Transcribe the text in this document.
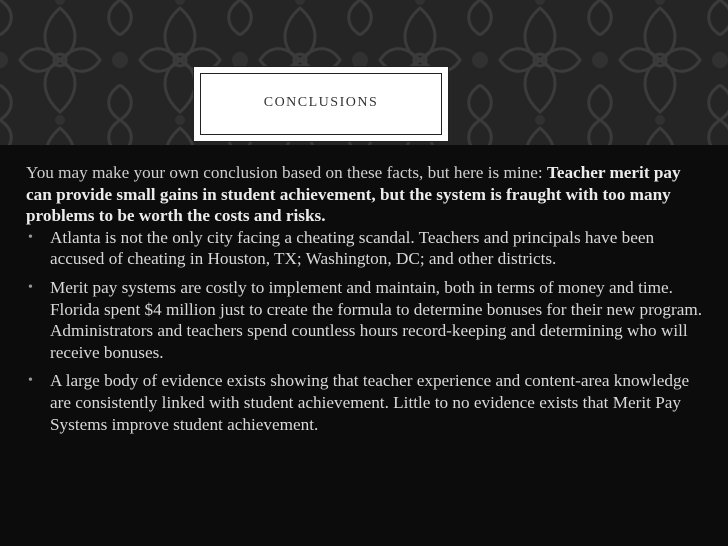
CONCLUSIONS

You may make your own conclusion based on these facts, but here is mine: Teacher merit pay can provide small gains in student achievement, but the system is fraught with too many problems to be worth the costs and risks.

• Atlanta is not the only city facing a cheating scandal. Teachers and principals have been accused of cheating in Houston, TX; Washington, DC; and other districts.
• Merit pay systems are costly to implement and maintain, both in terms of money and time. Florida spent $4 million just to create the formula to determine bonuses for their new program. Administrators and teachers spend countless hours record-keeping and determining who will receive bonuses.
• A large body of evidence exists showing that teacher experience and content-area knowledge are consistently linked with student achievement. Little to no evidence exists that Merit Pay Systems improve student achievement.
